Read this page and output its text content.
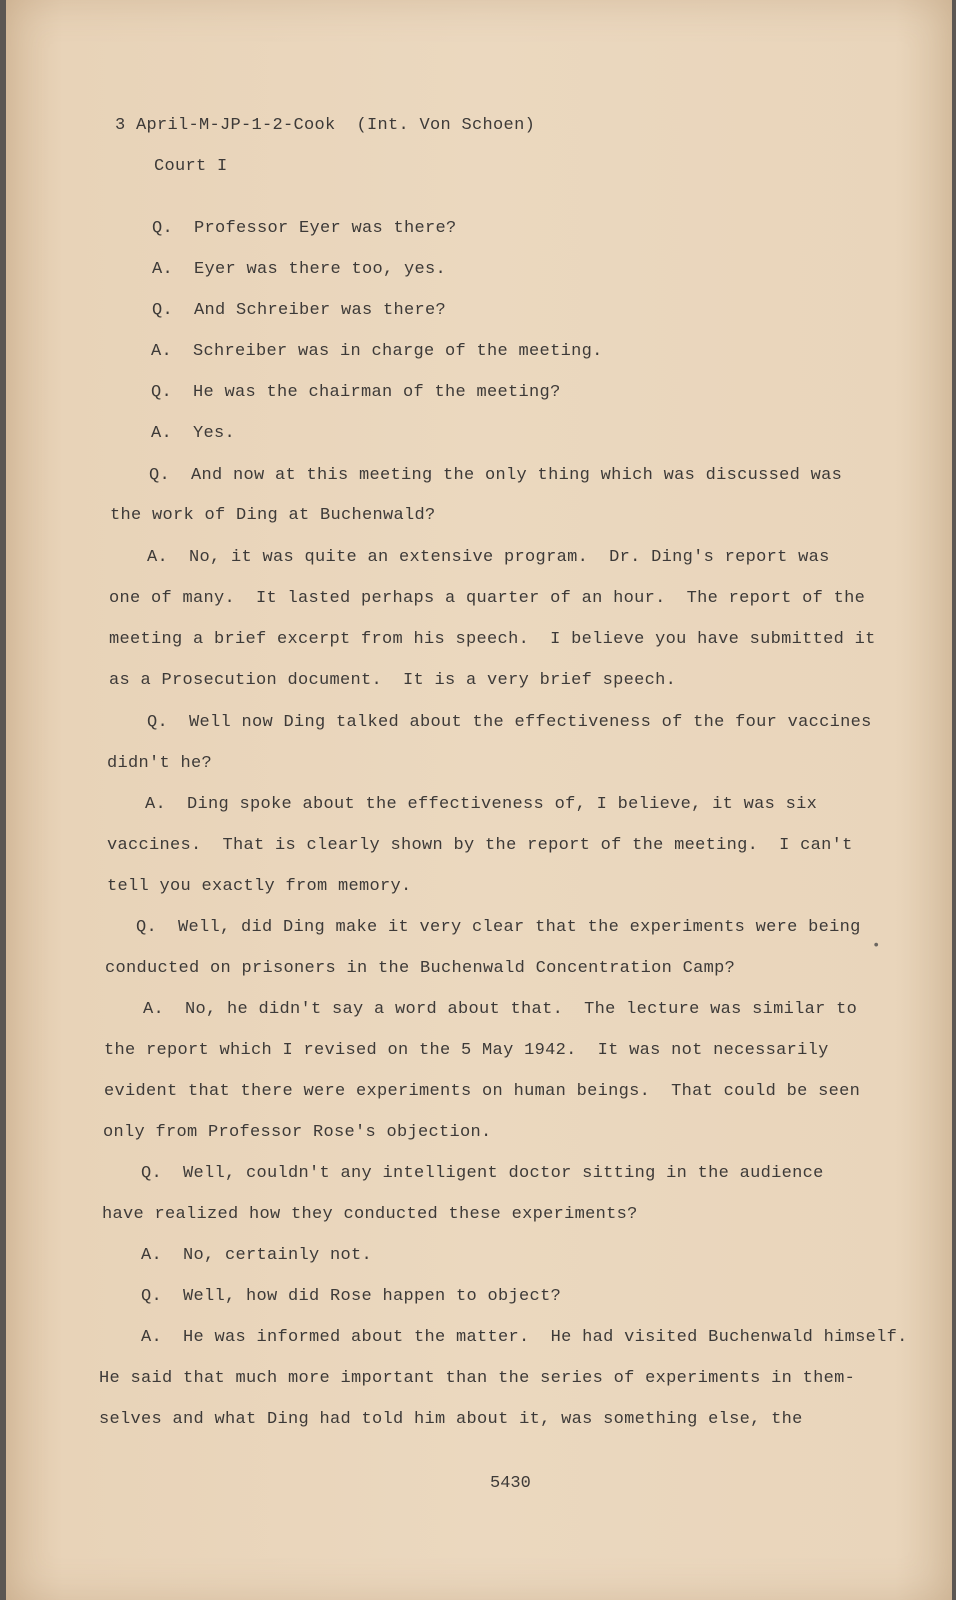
3 April-M-JP-1-2-Cook  (Int. Von Schoen)
Court I
Q.  Professor Eyer was there?
A.  Eyer was there too, yes.
Q.  And Schreiber was there?
A.  Schreiber was in charge of the meeting.
Q.  He was the chairman of the meeting?
A.  Yes.
Q.  And now at this meeting the only thing which was discussed was
the work of Ding at Buchenwald?
A.  No, it was quite an extensive program.  Dr. Ding's report was
one of many.  It lasted perhaps a quarter of an hour.  The report of the
meeting a brief excerpt from his speech.  I believe you have submitted it
as a Prosecution document.  It is a very brief speech.
Q.  Well now Ding talked about the effectiveness of the four vaccines
didn't he?
A.  Ding spoke about the effectiveness of, I believe, it was six
vaccines.  That is clearly shown by the report of the meeting.  I can't
tell you exactly from memory.
Q.  Well, did Ding make it very clear that the experiments were being
conducted on prisoners in the Buchenwald Concentration Camp?
A.  No, he didn't say a word about that.  The lecture was similar to
the report which I revised on the 5 May 1942.  It was not necessarily
evident that there were experiments on human beings.  That could be seen
only from Professor Rose's objection.
Q.  Well, couldn't any intelligent doctor sitting in the audience
have realized how they conducted these experiments?
A.  No, certainly not.
Q.  Well, how did Rose happen to object?
A.  He was informed about the matter.  He had visited Buchenwald himself.
He said that much more important than the series of experiments in them-
selves and what Ding had told him about it, was something else, the
5430
•
